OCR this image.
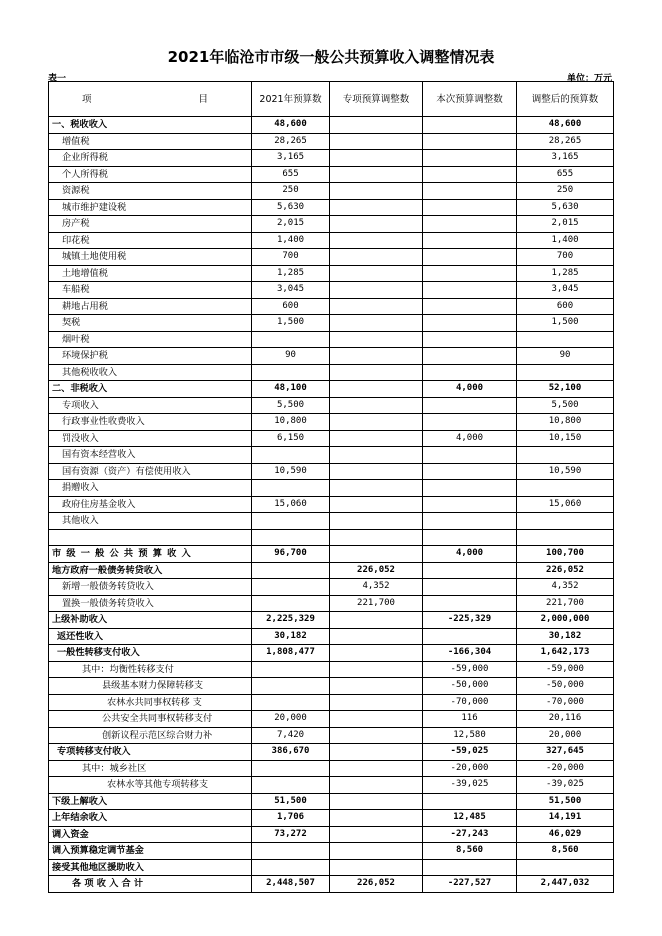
2021年临沧市市级一般公共预算收入调整情况表
表一	单位：万元
项 目	2021年预算数	专项预算调整数	本次预算调整数	调整后的预算数
一、税收收入	48,600			48,600
增值税	28,265			28,265
企业所得税	3,165			3,165
个人所得税	655			655
资源税	250			250
城市维护建设税	5,630			5,630
房产税	2,015			2,015
印花税	1,400			1,400
城镇土地使用税	700			700
土地增值税	1,285			1,285
车船税	3,045			3,045
耕地占用税	600			600
契税	1,500			1,500
烟叶税				
环境保护税	90			90
其他税收收入				
二、非税收入	48,100		4,000	52,100
专项收入	5,500			5,500
行政事业性收费收入	10,800			10,800
罚没收入	6,150		4,000	10,150
国有资本经营收入				
国有资源（资产）有偿使用收入	10,590			10,590
捐赠收入				
政府住房基金收入	15,060			15,060
其他收入				

市 级 一 般 公 共 预 算 收 入	96,700		4,000	100,700
地方政府一般债务转贷收入		226,052		226,052
新增一般债务转贷收入		4,352		4,352
置换一般债务转贷收入		221,700		221,700
上级补助收入	2,225,329		-225,329	2,000,000
返还性收入	30,182			30,182
一般性转移支付收入	1,808,477		-166,304	1,642,173
其中：均衡性转移支付			-59,000	-59,000
县级基本财力保障转移支			-50,000	-50,000
农林水共同事权转移 支			-70,000	-70,000
公共安全共同事权转移支付	20,000		116	20,116
创新议程示范区综合财力补	7,420		12,580	20,000
专项转移支付收入	386,670		-59,025	327,645
其中：城乡社区			-20,000	-20,000
农林水等其他专项转移支			-39,025	-39,025
下级上解收入	51,500			51,500
上年结余收入	1,706		12,485	14,191
调入资金	73,272		-27,243	46,029
调入预算稳定调节基金			8,560	8,560
接受其他地区援助收入				
各 项 收 入 合 计	2,448,507	226,052	-227,527	2,447,032
